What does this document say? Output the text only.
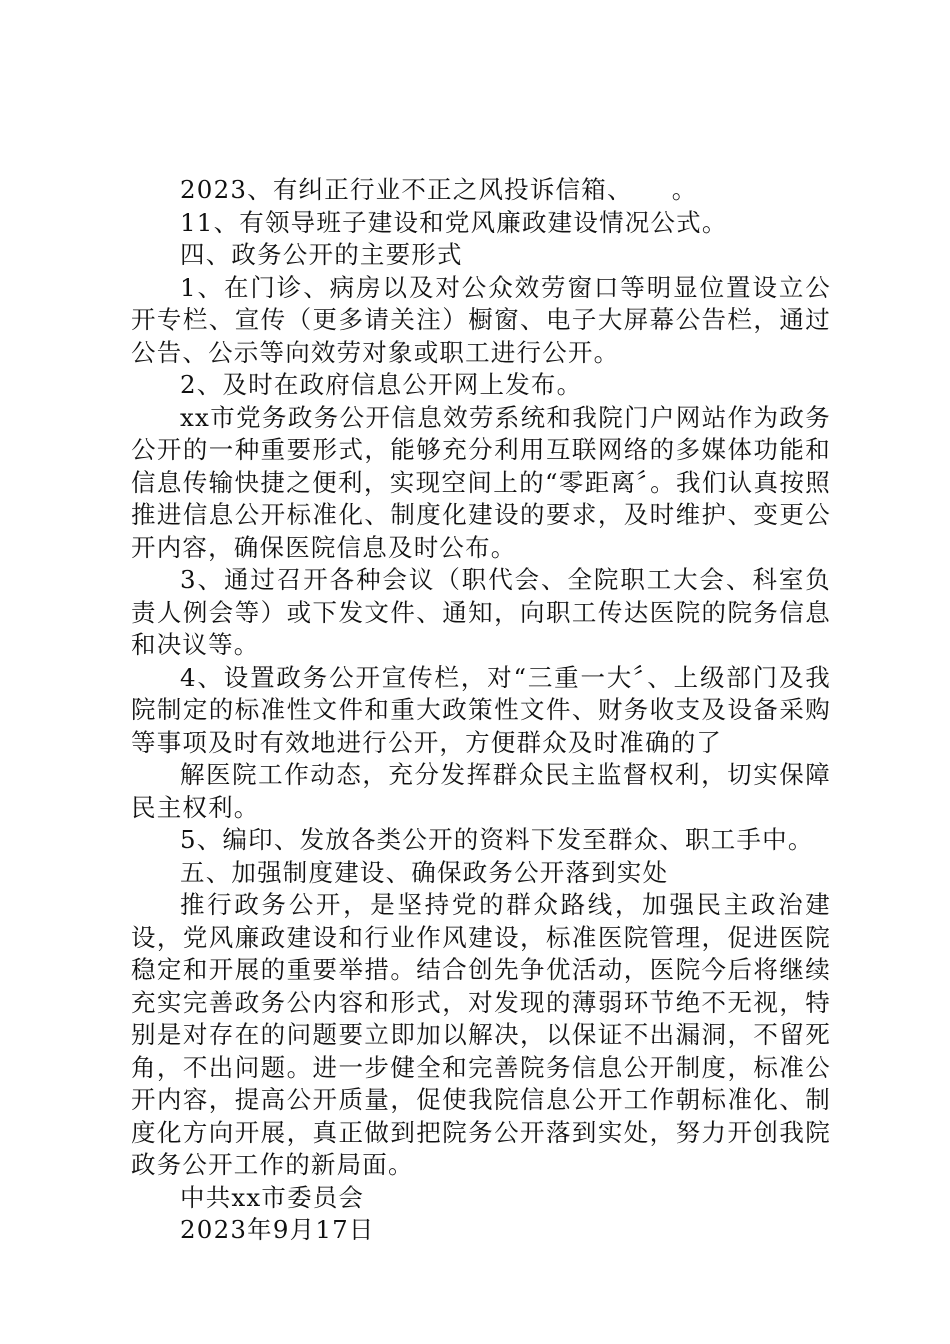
2023、有纠正行业不正之风投诉信箱、　　。

11、有领导班子建设和党风廉政建设情况公式。

四、政务公开的主要形式

1、在门诊、病房以及对公众效劳窗口等明显位置设立公开专栏、宣传（更多请关注）橱窗、电子大屏幕公告栏，通过公告、公示等向效劳对象或职工进行公开。

2、及时在政府信息公开网上发布。

xx市党务政务公开信息效劳系统和我院门户网站作为政务公开的一种重要形式，能够充分利用互联网络的多媒体功能和信息传输快捷之便利，实现空间上的“零距离〞。我们认真按照推进信息公开标准化、制度化建设的要求，及时维护、变更公开内容，确保医院信息及时公布。

3、通过召开各种会议（职代会、全院职工大会、科室负责人例会等）或下发文件、通知，向职工传达医院的院务信息和决议等。

4、设置政务公开宣传栏，对“三重一大〞、上级部门及我院制定的标准性文件和重大政策性文件、财务收支及设备采购等事项及时有效地进行公开，方便群众及时准确的了

解医院工作动态，充分发挥群众民主监督权利，切实保障民主权利。

5、编印、发放各类公开的资料下发至群众、职工手中。

五、加强制度建设、确保政务公开落到实处

推行政务公开，是坚持党的群众路线，加强民主政治建设，党风廉政建设和行业作风建设，标准医院管理，促进医院稳定和开展的重要举措。结合创先争优活动，医院今后将继续充实完善政务公内容和形式，对发现的薄弱环节绝不无视，特别是对存在的问题要立即加以解决，以保证不出漏洞，不留死角，不出问题。进一步健全和完善院务信息公开制度，标准公开内容，提高公开质量，促使我院信息公开工作朝标准化、制度化方向开展，真正做到把院务公开落到实处，努力开创我院政务公开工作的新局面。

中共xx市委员会

2023年9月17日
